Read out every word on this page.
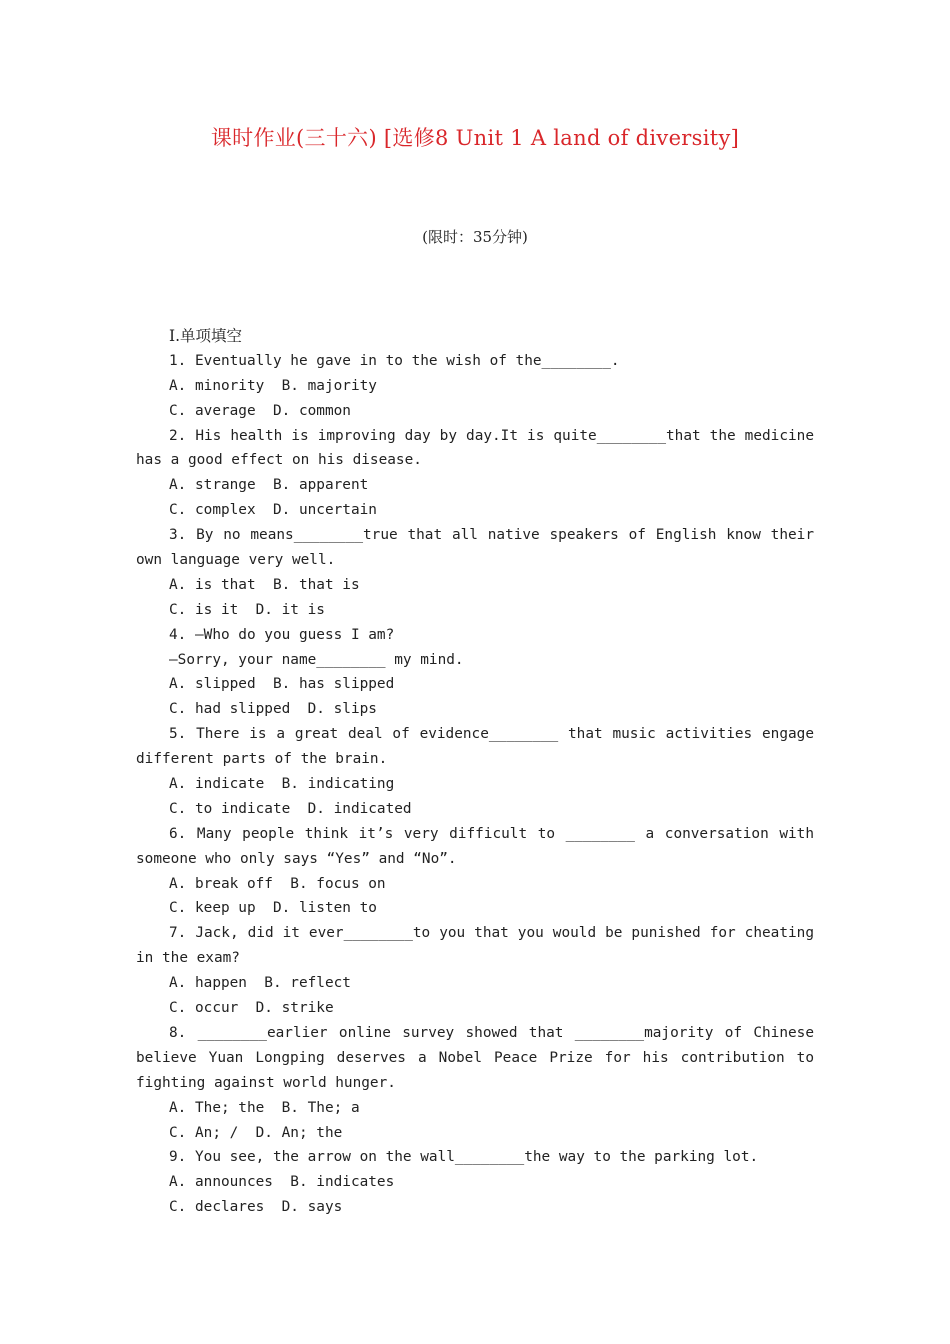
课时作业(三十六) [选修8 Unit 1 A land of diversity]
(限时：35分钟)
Ⅰ.单项填空
1. Eventually he gave in to the wish of the________.
A. minority  B. majority
C. average  D. common
2. His health is improving day by day.It is quite________that the medicine
has a good effect on his disease.
A. strange  B. apparent
C. complex  D. uncertain
3. By no means________true that all native speakers of English know their
own language very well.
A. is that  B. that is
C. is it  D. it is
4. —Who do you guess I am?
—Sorry, your name________ my mind.
A. slipped  B. has slipped
C. had slipped  D. slips
5. There is a great deal of evidence________ that music activities engage
different parts of the brain.
A. indicate  B. indicating
C. to indicate  D. indicated
6. Many people think it’s very difficult to ________ a conversation with
someone who only says “Yes” and “No”.
A. break off  B. focus on
C. keep up  D. listen to
7. Jack, did it ever________to you that you would be punished for cheating
in the exam?
A. happen  B. reflect
C. occur  D. strike
8. ________earlier online survey showed that ________majority of Chinese
believe Yuan Longping deserves a Nobel Peace Prize for his contribution to
fighting against world hunger.
A. The; the  B. The; a
C. An; /  D. An; the
9. You see, the arrow on the wall________the way to the parking lot.
A. announces  B. indicates
C. declares  D. says
